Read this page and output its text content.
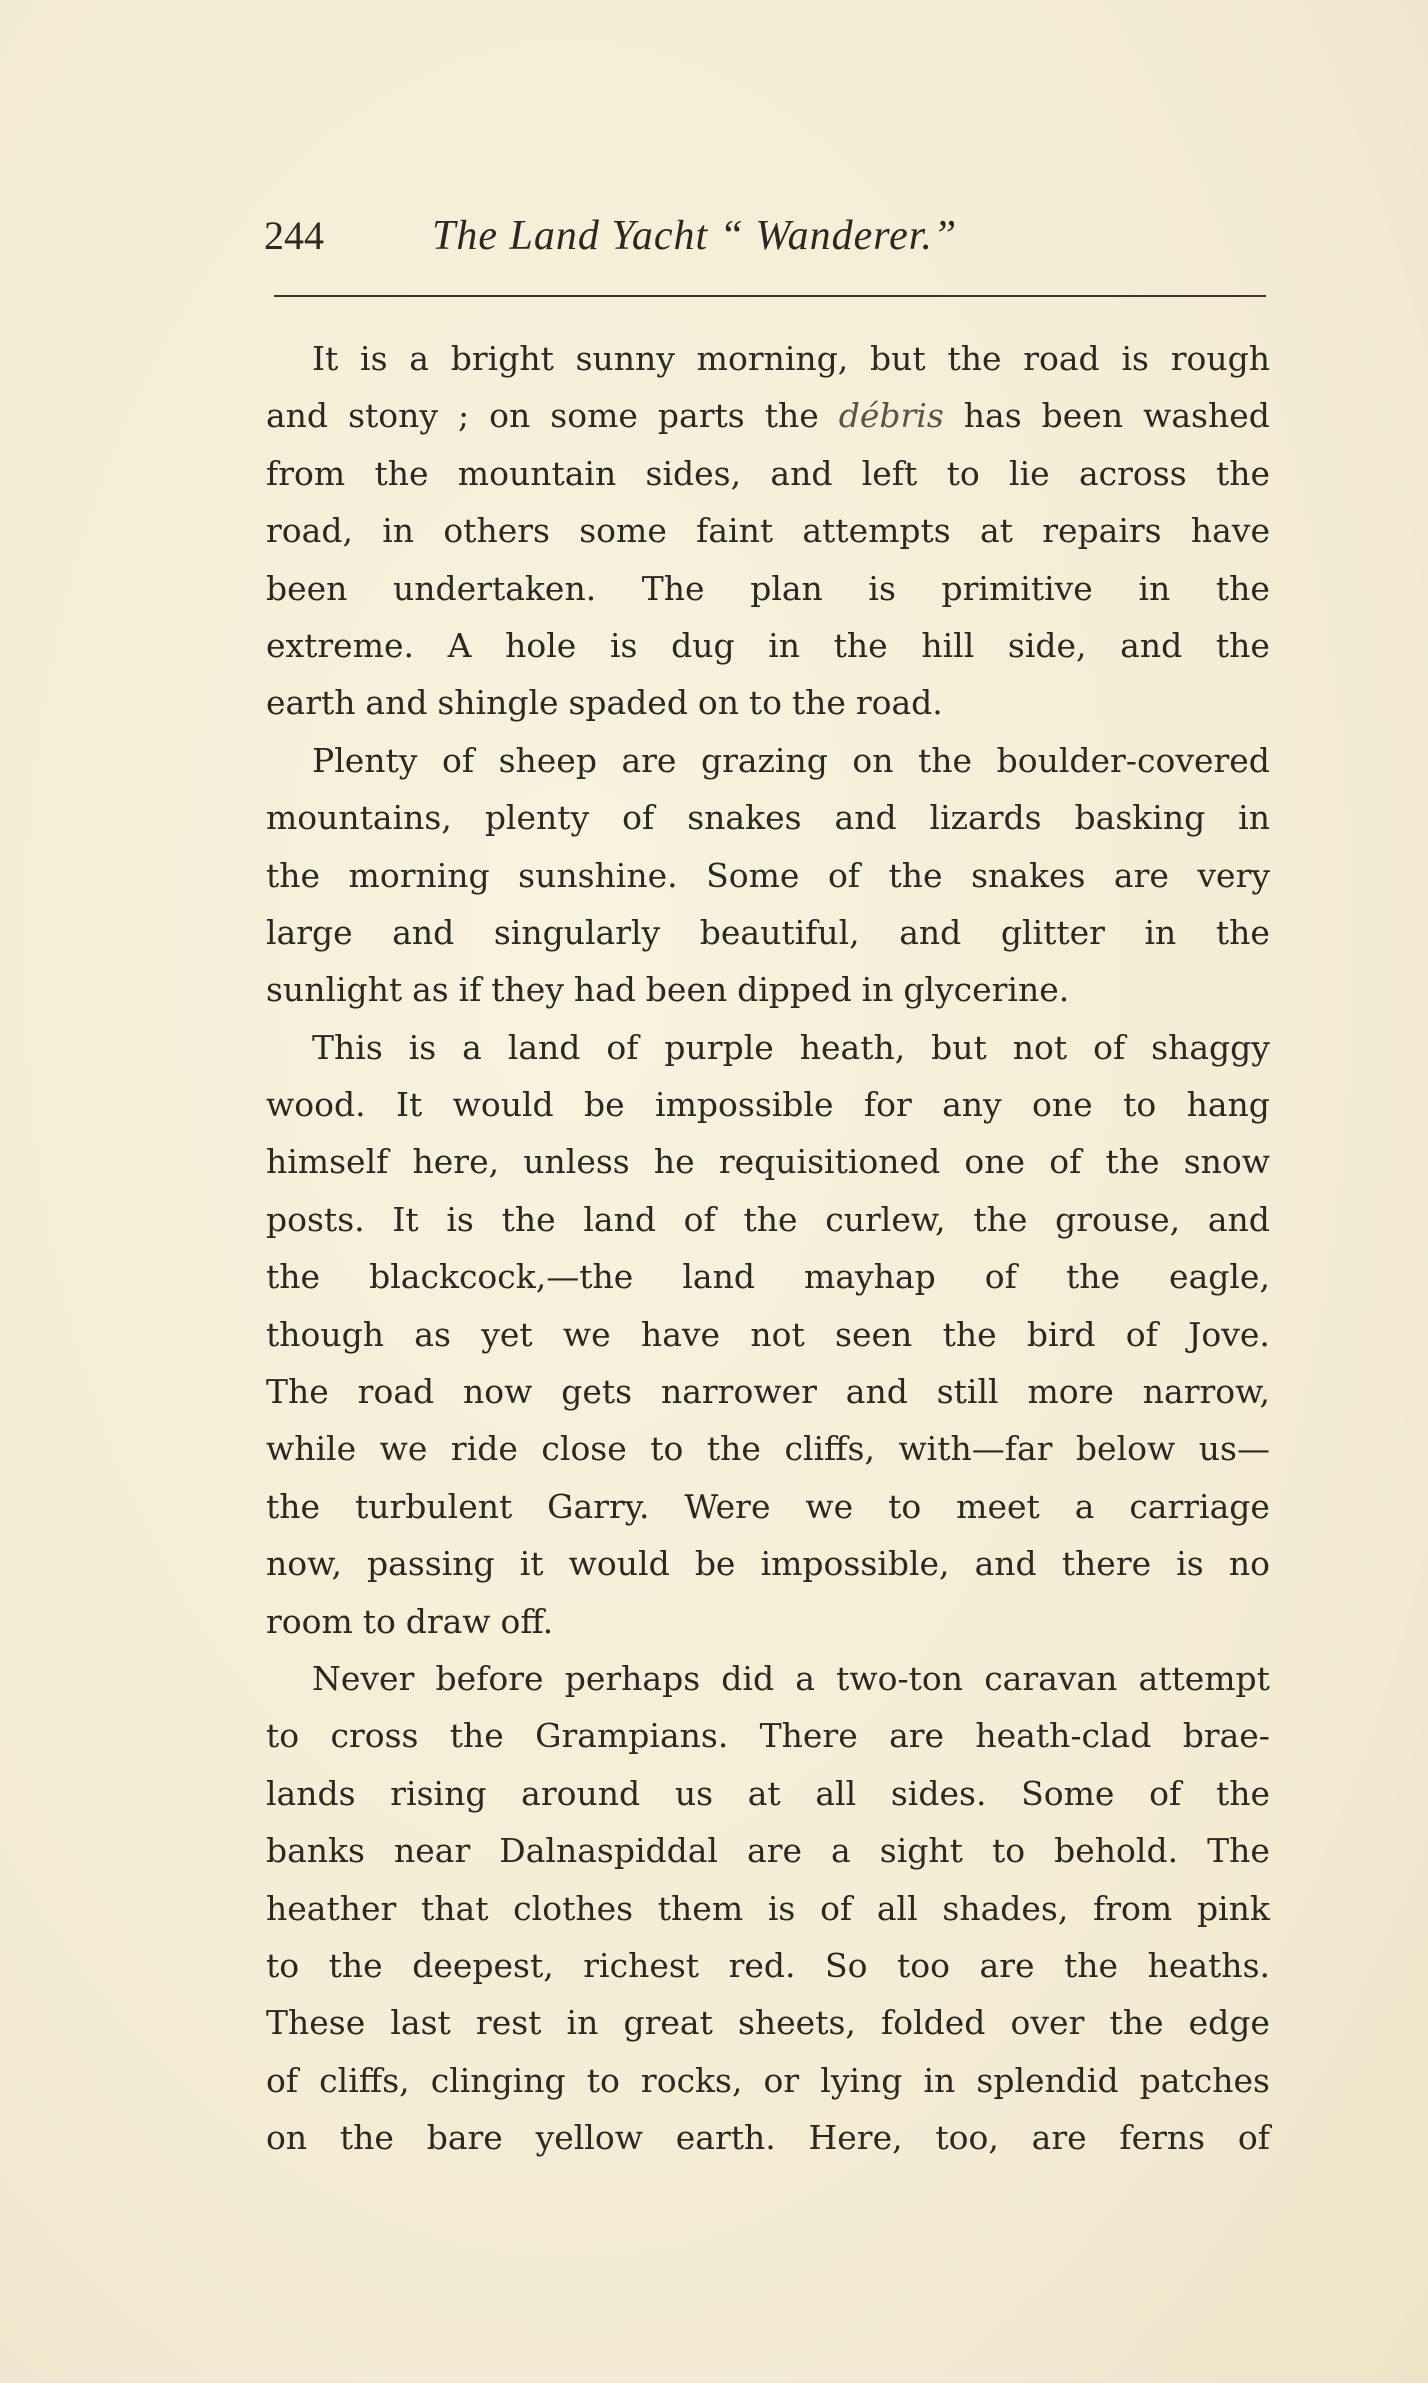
244	The Land Yacht “ Wanderer.”
It is a bright sunny morning, but the road is rough
and stony ; on some parts the débris has been washed
from the mountain sides, and left to lie across the
road, in others some faint attempts at repairs have
been undertaken. The plan is primitive in the
extreme. A hole is dug in the hill side, and the
earth and shingle spaded on to the road.
Plenty of sheep are grazing on the boulder-covered
mountains, plenty of snakes and lizards basking in
the morning sunshine. Some of the snakes are very
large and singularly beautiful, and glitter in the
sunlight as if they had been dipped in glycerine.
This is a land of purple heath, but not of shaggy
wood. It would be impossible for any one to hang
himself here, unless he requisitioned one of the snow
posts. It is the land of the curlew, the grouse, and
the blackcock,—the land mayhap of the eagle,
though as yet we have not seen the bird of Jove.
The road now gets narrower and still more narrow,
while we ride close to the cliffs, with—far below us—
the turbulent Garry. Were we to meet a carriage
now, passing it would be impossible, and there is no
room to draw off.
Never before perhaps did a two-ton caravan attempt
to cross the Grampians. There are heath-clad brae-
lands rising around us at all sides. Some of the
banks near Dalnaspiddal are a sight to behold. The
heather that clothes them is of all shades, from pink
to the deepest, richest red. So too are the heaths.
These last rest in great sheets, folded over the edge
of cliffs, clinging to rocks, or lying in splendid patches
on the bare yellow earth. Here, too, are ferns of
